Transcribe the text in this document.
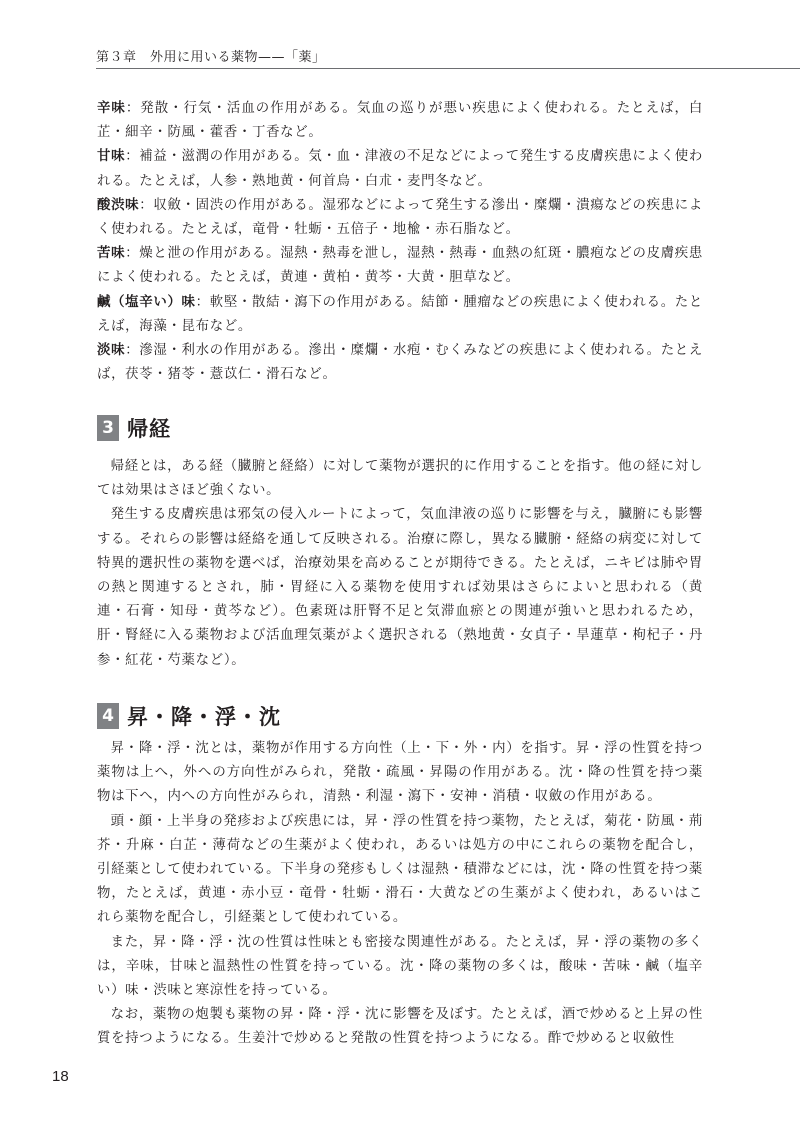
第３章　外用に用いる薬物——「薬」

辛味：発散・行気・活血の作用がある。気血の巡りが悪い疾患によく使われる。たとえば，白芷・細辛・防風・藿香・丁香など。

甘味：補益・滋潤の作用がある。気・血・津液の不足などによって発生する皮膚疾患によく使われる。たとえば，人参・熟地黄・何首烏・白朮・麦門冬など。

酸渋味：収斂・固渋の作用がある。湿邪などによって発生する滲出・糜爛・潰瘍などの疾患によく使われる。たとえば，竜骨・牡蛎・五倍子・地楡・赤石脂など。

苦味：燥と泄の作用がある。湿熱・熱毒を泄し，湿熱・熱毒・血熱の紅斑・膿疱などの皮膚疾患によく使われる。たとえば，黄連・黄柏・黄芩・大黄・胆草など。

鹹（塩辛い）味：軟堅・散結・瀉下の作用がある。結節・腫瘤などの疾患によく使われる。たとえば，海藻・昆布など。

淡味：滲湿・利水の作用がある。滲出・糜爛・水疱・むくみなどの疾患によく使われる。たとえば，茯苓・猪苓・薏苡仁・滑石など。

3 帰経

帰経とは，ある経（臓腑と経絡）に対して薬物が選択的に作用することを指す。他の経に対しては効果はさほど強くない。

発生する皮膚疾患は邪気の侵入ルートによって，気血津液の巡りに影響を与え，臓腑にも影響する。それらの影響は経絡を通して反映される。治療に際し，異なる臓腑・経絡の病変に対して特異的選択性の薬物を選べば，治療効果を高めることが期待できる。たとえば，ニキビは肺や胃の熱と関連するとされ，肺・胃経に入る薬物を使用すれば効果はさらによいと思われる（黄連・石膏・知母・黄芩など）。色素斑は肝腎不足と気滞血瘀との関連が強いと思われるため，肝・腎経に入る薬物および活血理気薬がよく選択される（熟地黄・女貞子・旱蓮草・枸杞子・丹参・紅花・芍薬など）。

4 昇・降・浮・沈

昇・降・浮・沈とは，薬物が作用する方向性（上・下・外・内）を指す。昇・浮の性質を持つ薬物は上へ，外への方向性がみられ，発散・疏風・昇陽の作用がある。沈・降の性質を持つ薬物は下へ，内への方向性がみられ，清熱・利湿・瀉下・安神・消積・収斂の作用がある。

頭・顔・上半身の発疹および疾患には，昇・浮の性質を持つ薬物，たとえば，菊花・防風・荊芥・升麻・白芷・薄荷などの生薬がよく使われ，あるいは処方の中にこれらの薬物を配合し，引経薬として使われている。下半身の発疹もしくは湿熱・積滞などには，沈・降の性質を持つ薬物，たとえば，黄連・赤小豆・竜骨・牡蛎・滑石・大黄などの生薬がよく使われ，あるいはこれら薬物を配合し，引経薬として使われている。

また，昇・降・浮・沈の性質は性味とも密接な関連性がある。たとえば，昇・浮の薬物の多くは，辛味，甘味と温熱性の性質を持っている。沈・降の薬物の多くは，酸味・苦味・鹹（塩辛い）味・渋味と寒涼性を持っている。

なお，薬物の炮製も薬物の昇・降・浮・沈に影響を及ぼす。たとえば，酒で炒めると上昇の性質を持つようになる。生姜汁で炒めると発散の性質を持つようになる。酢で炒めると収斂性

18
